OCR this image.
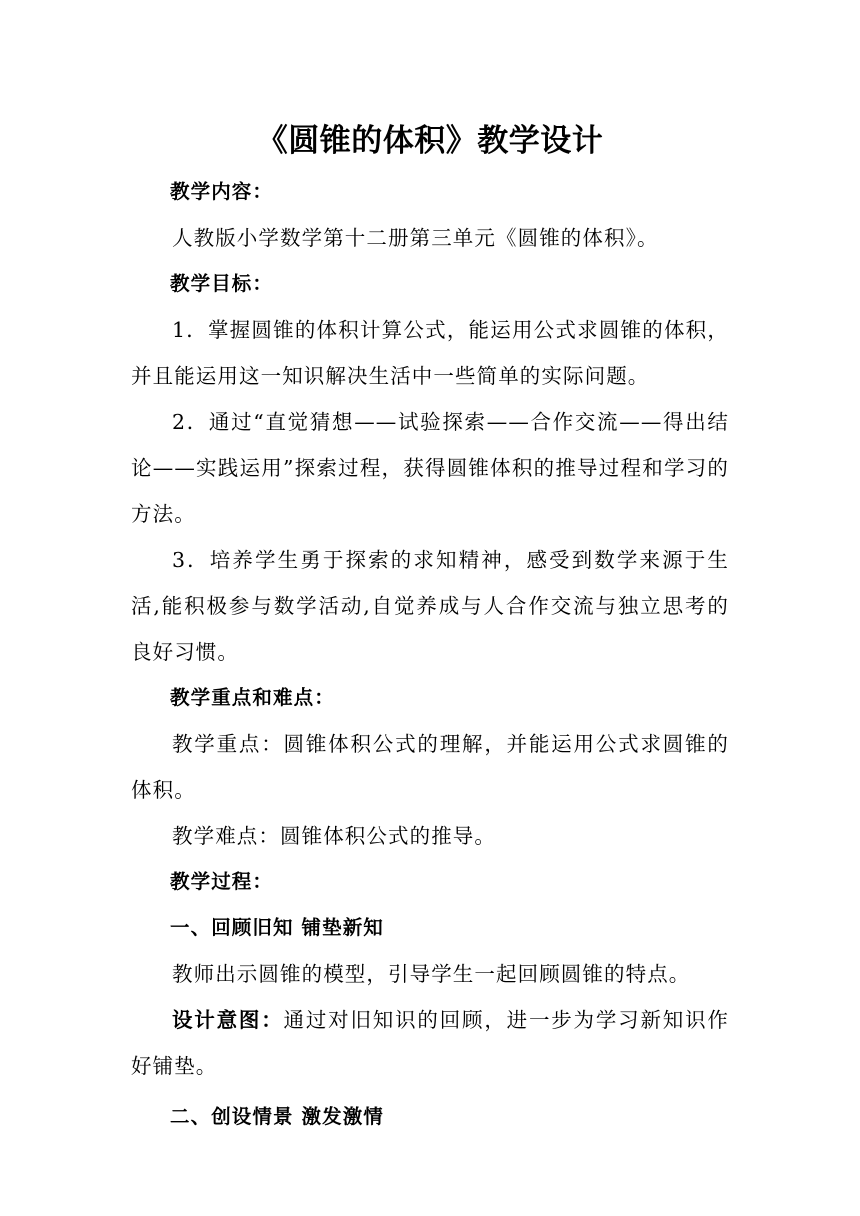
《圆锥的体积》教学设计

教学内容：

人教版小学数学第十二册第三单元《圆锥的体积》。

教学目标：

1．掌握圆锥的体积计算公式，能运用公式求圆锥的体积，并且能运用这一知识解决生活中一些简单的实际问题。

2．通过“直觉猜想——试验探索——合作交流——得出结论——实践运用”探索过程，获得圆锥体积的推导过程和学习的方法。

3．培养学生勇于探索的求知精神，感受到数学来源于生活,能积极参与数学活动,自觉养成与人合作交流与独立思考的良好习惯。

教学重点和难点：

教学重点：圆锥体积公式的理解，并能运用公式求圆锥的体积。

教学难点：圆锥体积公式的推导。

教学过程：

一、回顾旧知 铺垫新知

教师出示圆锥的模型，引导学生一起回顾圆锥的特点。

设计意图：通过对旧知识的回顾，进一步为学习新知识作好铺垫。

二、创设情景 激发激情
